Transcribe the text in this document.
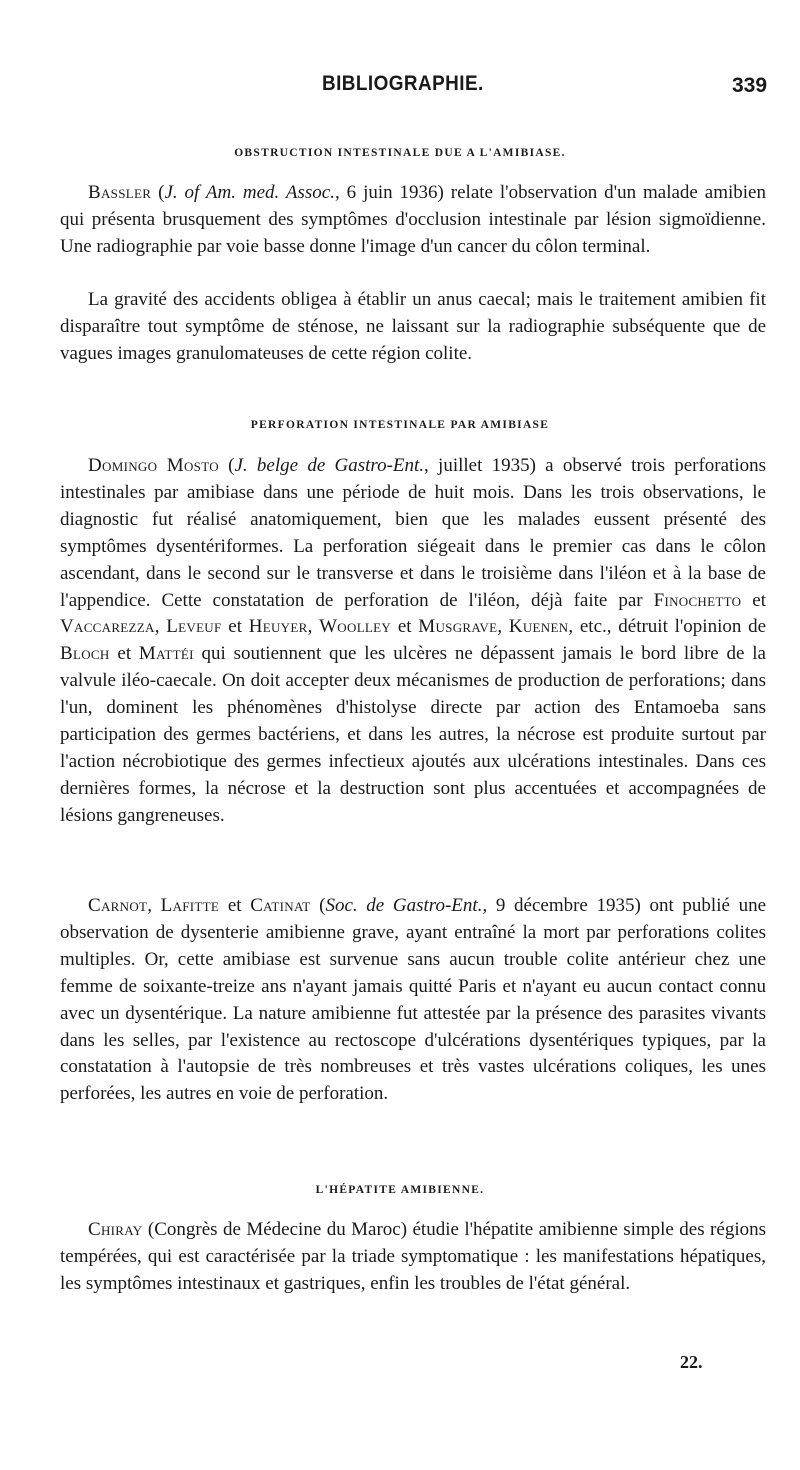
BIBLIOGRAPHIE.	339
OBSTRUCTION INTESTINALE DUE A L'AMIBIASE.

Bassler (J. of Am. med. Assoc., 6 juin 1936) relate l'observation d'un malade amibien qui présenta brusquement des symptômes d'occlusion intestinale par lésion sigmoïdienne. Une radiographie par voie basse donne l'image d'un cancer du côlon terminal.

La gravité des accidents obligea à établir un anus caecal; mais le traitement amibien fit disparaître tout symptôme de sténose, ne laissant sur la radiographie subséquente que de vagues images granulomateuses de cette région colite.

PERFORATION INTESTINALE PAR AMIBIASE

Domingo Mosto (J. belge de Gastro-Ent., juillet 1935) a observé trois perforations intestinales par amibiase dans une période de huit mois. Dans les trois observations, le diagnostic fut réalisé anatomiquement, bien que les malades eussent présenté des symptômes dysentériformes. La perforation siégeait dans le premier cas dans le côlon ascendant, dans le second sur le transverse et dans le troisième dans l'iléon et à la base de l'appendice. Cette constatation de perforation de l'iléon, déjà faite par Finochetto et Vaccarezza, Leveuf et Heuyer, Woolley et Musgrave, Kuenen, etc., détruit l'opinion de Bloch et Mattéi qui soutiennent que les ulcères ne dépassent jamais le bord libre de la valvule iléo-caecale. On doit accepter deux mécanismes de production de perforations; dans l'un, dominent les phénomènes d'histolyse directe par action des Entamoeba sans participation des germes bactériens, et dans les autres, la nécrose est produite surtout par l'action nécrobiotique des germes infectieux ajoutés aux ulcérations intestinales. Dans ces dernières formes, la nécrose et la destruction sont plus accentuées et accompagnées de lésions gangreneuses.

Carnot, Lafitte et Catinat (Soc. de Gastro-Ent., 9 décembre 1935) ont publié une observation de dysenterie amibienne grave, ayant entraîné la mort par perforations colites multiples. Or, cette amibiase est survenue sans aucun trouble colite antérieur chez une femme de soixante-treize ans n'ayant jamais quitté Paris et n'ayant eu aucun contact connu avec un dysentérique. La nature amibienne fut attestée par la présence des parasites vivants dans les selles, par l'existence au rectoscope d'ulcérations dysentériques typiques, par la constatation à l'autopsie de très nombreuses et très vastes ulcérations coliques, les unes perforées, les autres en voie de perforation.

L'HÉPATITE AMIBIENNE.

Chiray (Congrès de Médecine du Maroc) étudie l'hépatite amibienne simple des régions tempérées, qui est caractérisée par la triade symptomatique : les manifestations hépatiques, les symptômes intestinaux et gastriques, enfin les troubles de l'état général.

22.
